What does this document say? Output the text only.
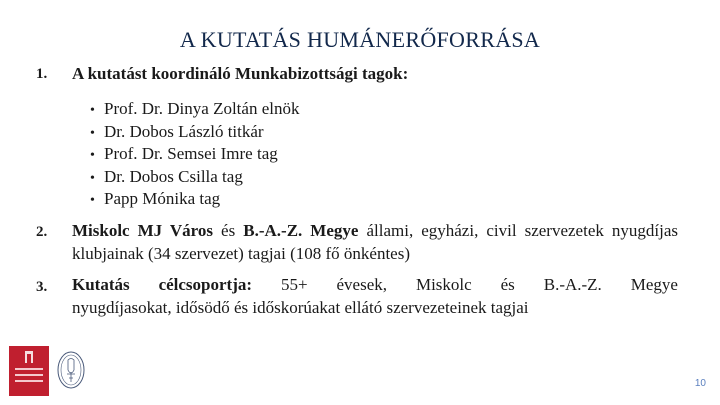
A KUTATÁS HUMÁNERŐFORRÁSA
1. A kutatást koordináló Munkabizottsági tagok:
• Prof. Dr. Dinya Zoltán elnök
• Dr. Dobos László titkár
• Prof. Dr. Semsei Imre tag
• Dr. Dobos Csilla tag
• Papp Mónika tag
2. Miskolc MJ Város és B.-A.-Z. Megye állami, egyházi, civil szervezetek nyugdíjas klubjainak (34 szervezet) tagjai (108 fő önkéntes)
3. Kutatás célcsoportja: 55+ évesek, Miskolc és B.-A.-Z. Megye
nyugdíjasokat, idősödő és időskorúakat ellátó szervezeteinek tagjai
10
